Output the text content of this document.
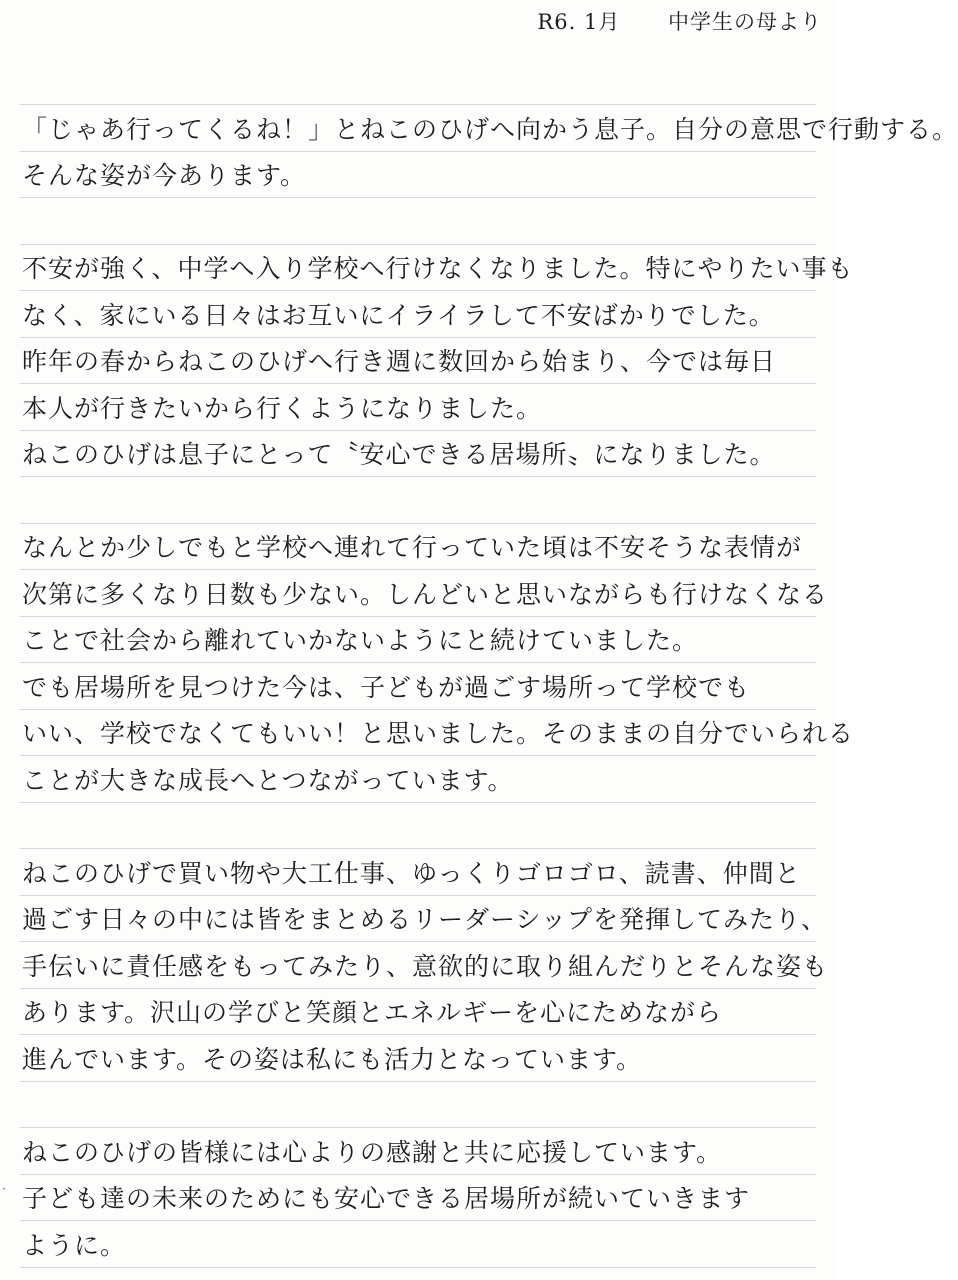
R6. 1月 中学生の母より
·
「じゃあ行ってくるね！」とねこのひげへ向かう息子。自分の意思で行動する。
そんな姿が今あります。
不安が強く、中学へ入り学校へ行けなくなりました。特にやりたい事も
なく、家にいる日々はお互いにイライラして不安ばかりでした。
昨年の春からねこのひげへ行き週に数回から始まり、今では毎日
本人が行きたいから行くようになりました。
ねこのひげは息子にとって〝安心できる居場所〟になりました。
なんとか少しでもと学校へ連れて行っていた頃は不安そうな表情が
次第に多くなり日数も少ない。しんどいと思いながらも行けなくなる
ことで社会から離れていかないようにと続けていました。
でも居場所を見つけた今は、子どもが過ごす場所って学校でも
いい、学校でなくてもいい！と思いました。そのままの自分でいられる
ことが大きな成長へとつながっています。
ねこのひげで買い物や大工仕事、ゆっくりゴロゴロ、読書、仲間と
過ごす日々の中には皆をまとめるリーダーシップを発揮してみたり、
手伝いに責任感をもってみたり、意欲的に取り組んだりとそんな姿も
あります。沢山の学びと笑顔とエネルギーを心にためながら
進んでいます。その姿は私にも活力となっています。
ねこのひげの皆様には心よりの感謝と共に応援しています。
子ども達の未来のためにも安心できる居場所が続いていきます
ように。
